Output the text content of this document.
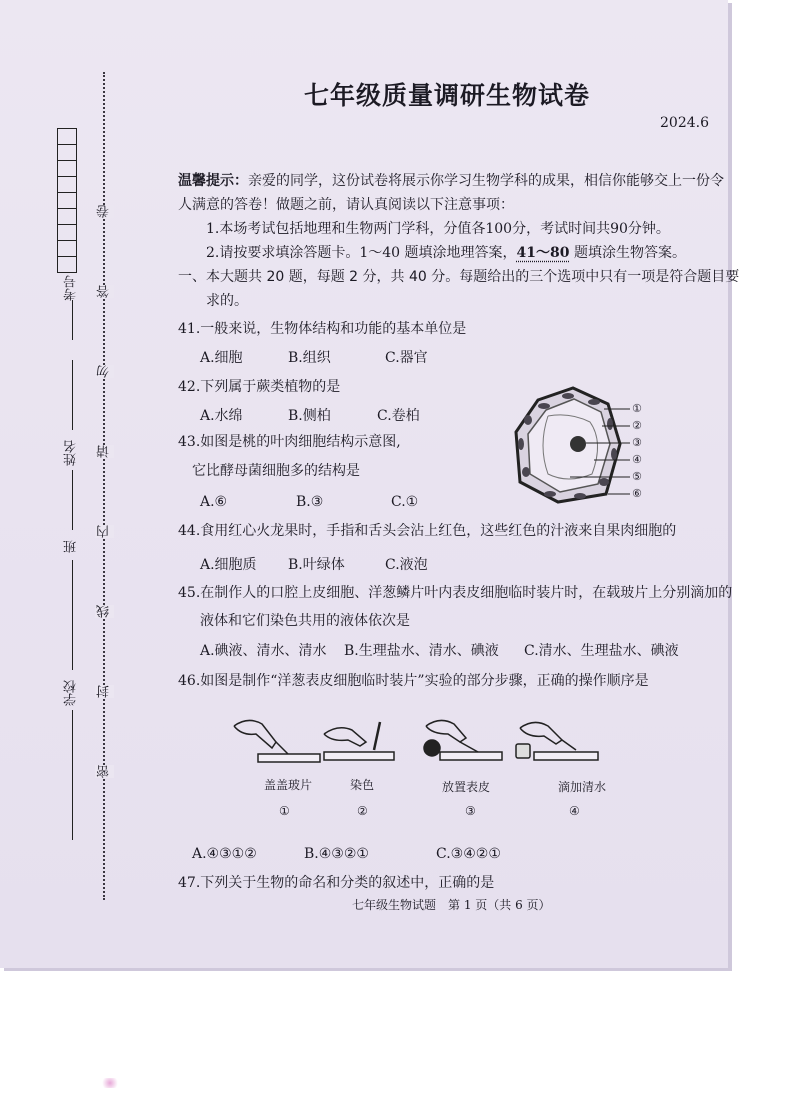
考号
姓名
班
学校
卷
答
勿
请
内
线
封
密
七年级质量调研生物试卷
2024.6
温馨提示：亲爱的同学，这份试卷将展示你学习生物学科的成果，相信你能够交上一份令
人满意的答卷！做题之前，请认真阅读以下注意事项：
1.本场考试包括地理和生物两门学科，分值各100分，考试时间共90分钟。
2.请按要求填涂答题卡。1～40 题填涂地理答案，41～80 题填涂生物答案。
一、本大题共 20 题，每题 2 分，共 40 分。每题给出的三个选项中只有一项是符合题目要
求的。
41.一般来说，生物体结构和功能的基本单位是
A.细胞	B.组织	C.器官
42.下列属于蕨类植物的是
A.水绵	B.侧柏	C.卷柏
43.如图是桃的叶肉细胞结构示意图,
它比酵母菌细胞多的结构是
A.⑥	B.③	C.①
①
②
③
④
⑤
⑥
44.食用红心火龙果时，手指和舌头会沾上红色，这些红色的汁液来自果肉细胞的
A.细胞质 B.叶绿体	C.液泡
45.在制作人的口腔上皮细胞、洋葱鳞片叶内表皮细胞临时装片时，在载玻片上分别滴加的
液体和它们染色共用的液体依次是
A.碘液、清水、清水 B.生理盐水、清水、碘液 C.清水、生理盐水、碘液
46.如图是制作“洋葱表皮细胞临时装片”实验的部分步骤，正确的操作顺序是
盖盖玻片	染色	放置表皮	滴加清水
①	②	③	④
A.④③①②	B.④③②①	C.③④②①
47.下列关于生物的命名和分类的叙述中，正确的是
七年级生物试题　第 1 页（共 6 页）
